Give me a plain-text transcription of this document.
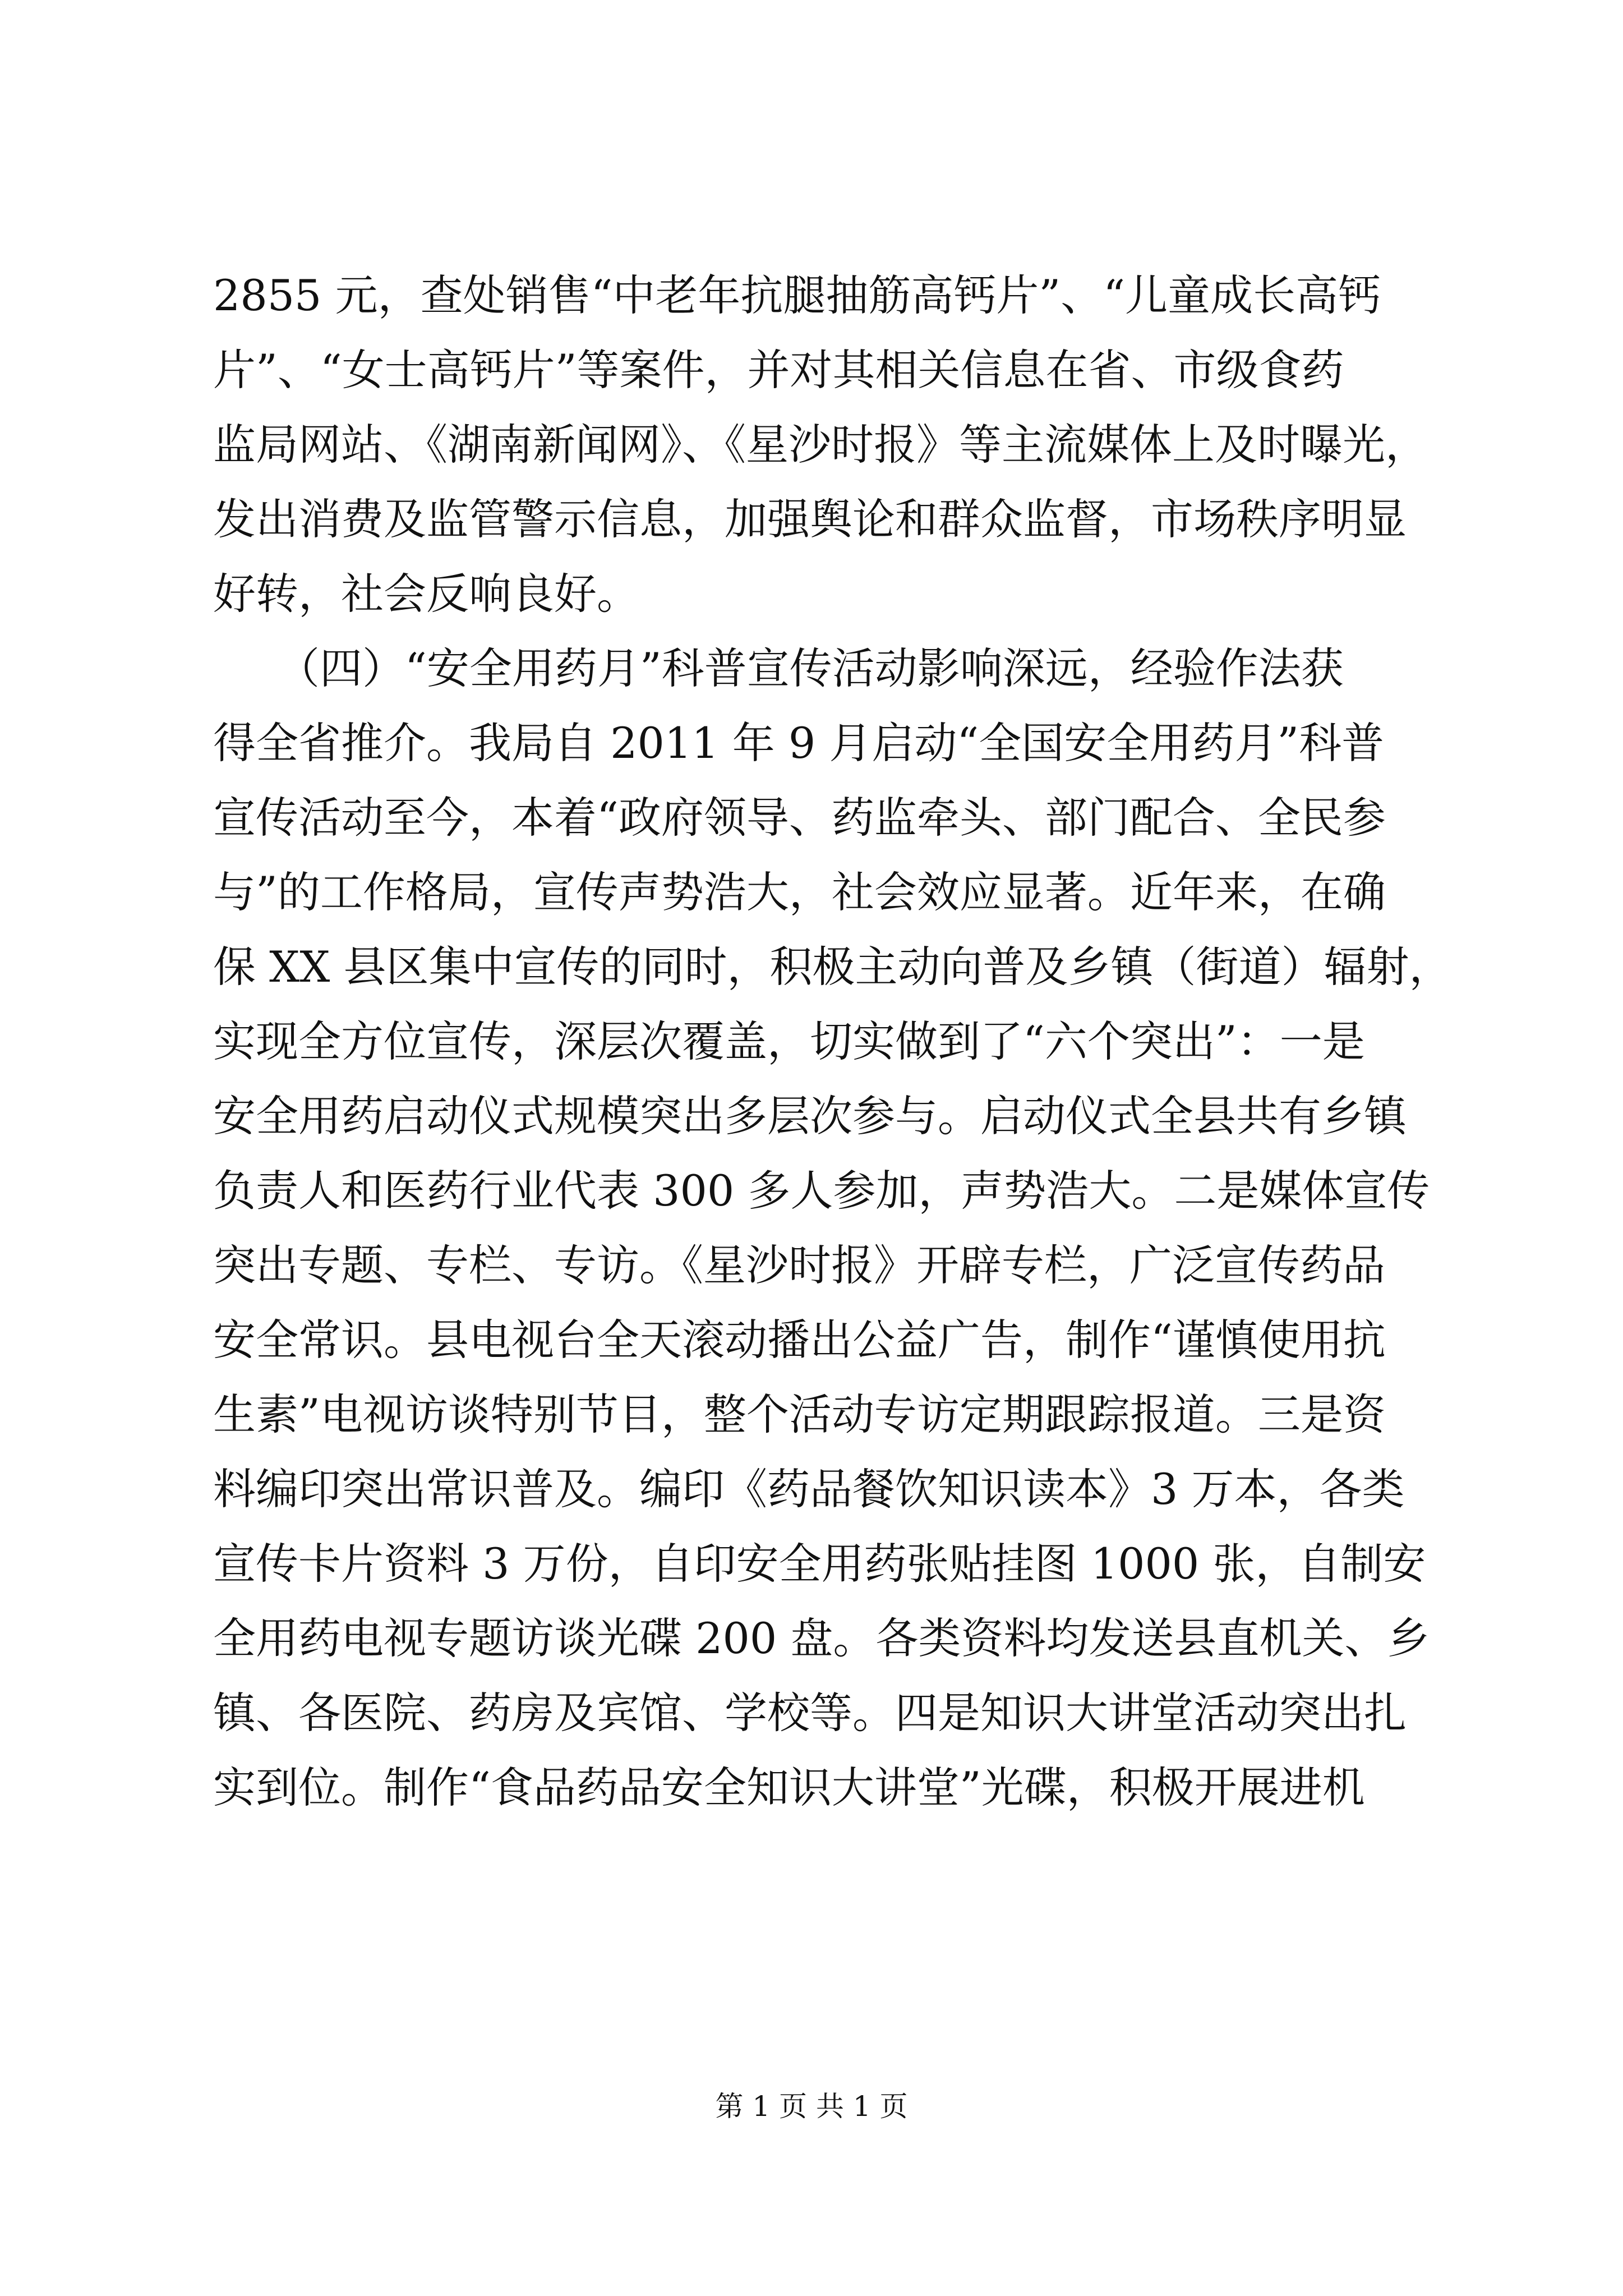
2855 元，查处销售“中老年抗腿抽筋高钙片”、“儿童成长高钙
片”、“女士高钙片”等案件，并对其相关信息在省、市级食药
监局网站、《湖南新闻网》、《星沙时报》等主流媒体上及时曝光，
发出消费及监管警示信息，加强舆论和群众监督，市场秩序明显
好转，社会反响良好。
　　（四）“安全用药月”科普宣传活动影响深远，经验作法获
得全省推介。我局自 2011 年 9 月启动“全国安全用药月”科普
宣传活动至今，本着“政府领导、药监牵头、部门配合、全民参
与”的工作格局，宣传声势浩大，社会效应显著。近年来，在确
保 XX 县区集中宣传的同时，积极主动向普及乡镇（街道）辐射，
实现全方位宣传，深层次覆盖，切实做到了“六个突出”：一是
安全用药启动仪式规模突出多层次参与。启动仪式全县共有乡镇
负责人和医药行业代表 300 多人参加，声势浩大。二是媒体宣传
突出专题、专栏、专访。《星沙时报》开辟专栏，广泛宣传药品
安全常识。县电视台全天滚动播出公益广告，制作“谨慎使用抗
生素”电视访谈特别节目，整个活动专访定期跟踪报道。三是资
料编印突出常识普及。编印《药品餐饮知识读本》3 万本，各类
宣传卡片资料 3 万份，自印安全用药张贴挂图 1000 张，自制安
全用药电视专题访谈光碟 200 盘。各类资料均发送县直机关、乡
镇、各医院、药房及宾馆、学校等。四是知识大讲堂活动突出扎
实到位。制作“食品药品安全知识大讲堂”光碟，积极开展进机
第 1 页 共 1 页
